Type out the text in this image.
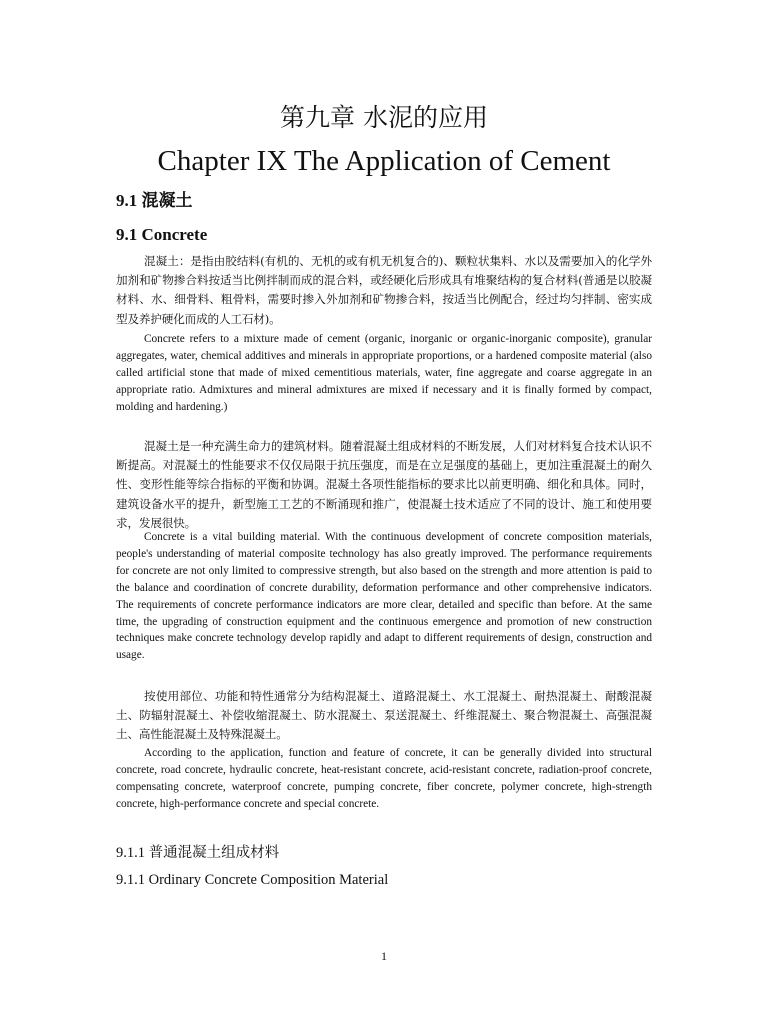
第九章 水泥的应用
Chapter IX The Application of Cement
9.1 混凝土
9.1 Concrete

混凝土：是指由胶结料(有机的、无机的或有机无机复合的)、颗粒状集料、水以及需要加入的化学外加剂和矿物掺合料按适当比例拌制而成的混合料，或经硬化后形成具有堆聚结构的复合材料(普通是以胶凝材料、水、细骨料、粗骨料，需要时掺入外加剂和矿物掺合料，按适当比例配合，经过均匀拌制、密实成型及养护硬化而成的人工石材)。

Concrete refers to a mixture made of cement (organic, inorganic or organic-inorganic composite), granular aggregates, water, chemical additives and minerals in appropriate proportions, or a hardened composite material (also called artificial stone that made of mixed cementitious materials, water, fine aggregate and coarse aggregate in an appropriate ratio. Admixtures and mineral admixtures are mixed if necessary and it is finally formed by compact, molding and hardening.)

混凝土是一种充满生命力的建筑材料。随着混凝土组成材料的不断发展，人们对材料复合技术认识不断提高。对混凝土的性能要求不仅仅局限于抗压强度，而是在立足强度的基础上，更加注重混凝土的耐久性、变形性能等综合指标的平衡和协调。混凝土各项性能指标的要求比以前更明确、细化和具体。同时，建筑设备水平的提升，新型施工工艺的不断涌现和推广，使混凝土技术适应了不同的设计、施工和使用要求，发展很快。

Concrete is a vital building material. With the continuous development of concrete composition materials, people's understanding of material composite technology has also greatly improved. The performance requirements for concrete are not only limited to compressive strength, but also based on the strength and more attention is paid to the balance and coordination of concrete durability, deformation performance and other comprehensive indicators. The requirements of concrete performance indicators are more clear, detailed and specific than before. At the same time, the upgrading of construction equipment and the continuous emergence and promotion of new construction techniques make concrete technology develop rapidly and adapt to different requirements of design, construction and usage.

按使用部位、功能和特性通常分为结构混凝土、道路混凝土、水工混凝土、耐热混凝土、耐酸混凝土、防辐射混凝土、补偿收缩混凝土、防水混凝土、泵送混凝土、纤维混凝土、聚合物混凝土、高强混凝土、高性能混凝土及特殊混凝土。

According to the application, function and feature of concrete, it can be generally divided into structural concrete, road concrete, hydraulic concrete, heat-resistant concrete, acid-resistant concrete, radiation-proof concrete, compensating concrete, waterproof concrete, pumping concrete, fiber concrete, polymer concrete, high-strength concrete, high-performance concrete and special concrete.

9.1.1 普通混凝土组成材料
9.1.1 Ordinary Concrete Composition Material
1
